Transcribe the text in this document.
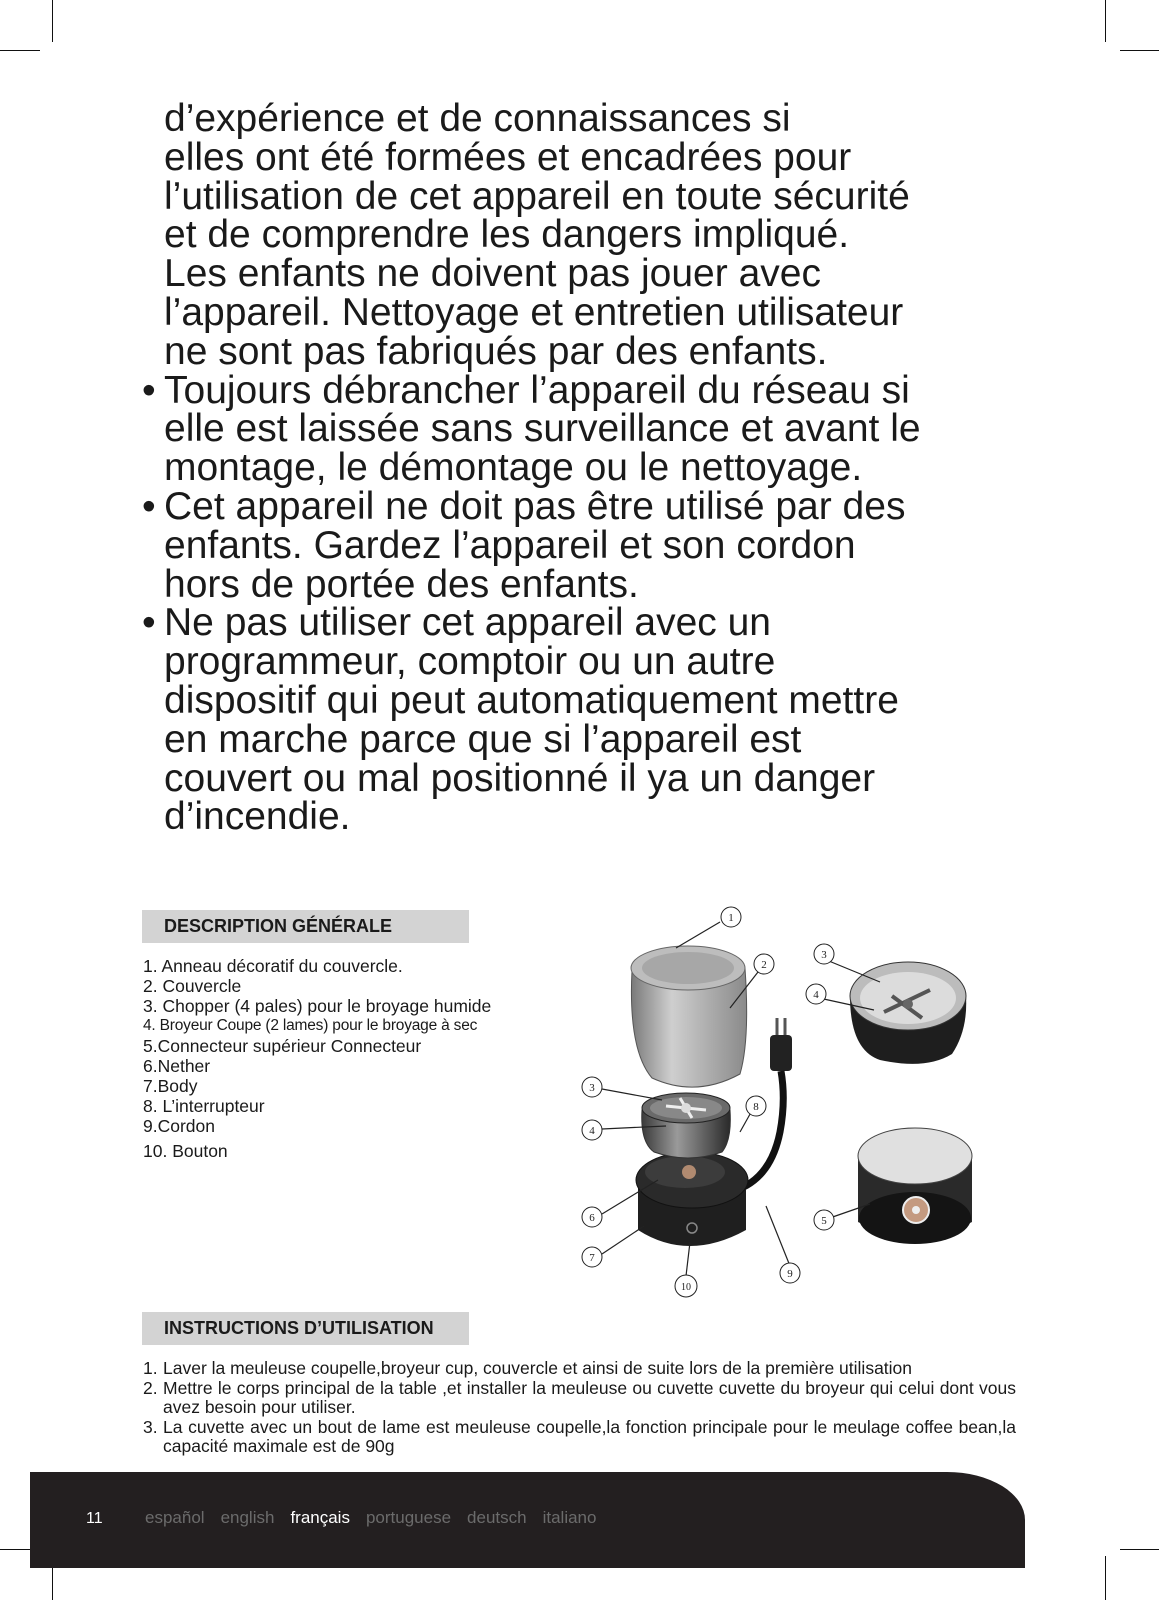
d’expérience et de connaissances si
elles ont été formées et encadrées pour
l’utilisation de cet appareil en toute sécurité
et de comprendre les dangers impliqué.
Les enfants ne doivent pas jouer avec
l’appareil. Nettoyage et entretien utilisateur
ne sont pas fabriqués par des enfants.

• Toujours débrancher l’appareil du réseau si
elle est laissée sans surveillance et avant le
montage, le démontage ou le nettoyage.
• Cet appareil ne doit pas être utilisé par des
enfants. Gardez l’appareil et son cordon
hors de portée des enfants.
• Ne pas utiliser cet appareil avec un
programmeur, comptoir ou un autre
dispositif qui peut automatiquement mettre
en marche parce que si l’appareil est
couvert ou mal positionné il ya un danger
d’incendie.
DESCRIPTION GÉNÉRALE
1. Anneau décoratif du couvercle.
2. Couvercle
3. Chopper (4 pales) pour le broyage humide
4. Broyeur Coupe (2 lames) pour le broyage à sec
5.Connecteur supérieur Connecteur
6.Nether
7.Body
8. L’interrupteur
9.Cordon
10. Bouton
1
2
3
4
3
4
8
6
7
5
9
10
INSTRUCTIONS D’UTILISATION
1. Laver la meuleuse coupelle,broyeur cup, couvercle et ainsi de suite lors de la première utilisation
2. Mettre le corps principal de la table ,et installer la meuleuse ou cuvette cuvette du broyeur qui celui dont vous avez besoin pour utiliser.
3. La cuvette avec un bout de lame est meuleuse coupelle,la fonction principale pour le meulage coffee bean,la capacité maximale est de 90g
11 español english français portuguese deutsch italiano
